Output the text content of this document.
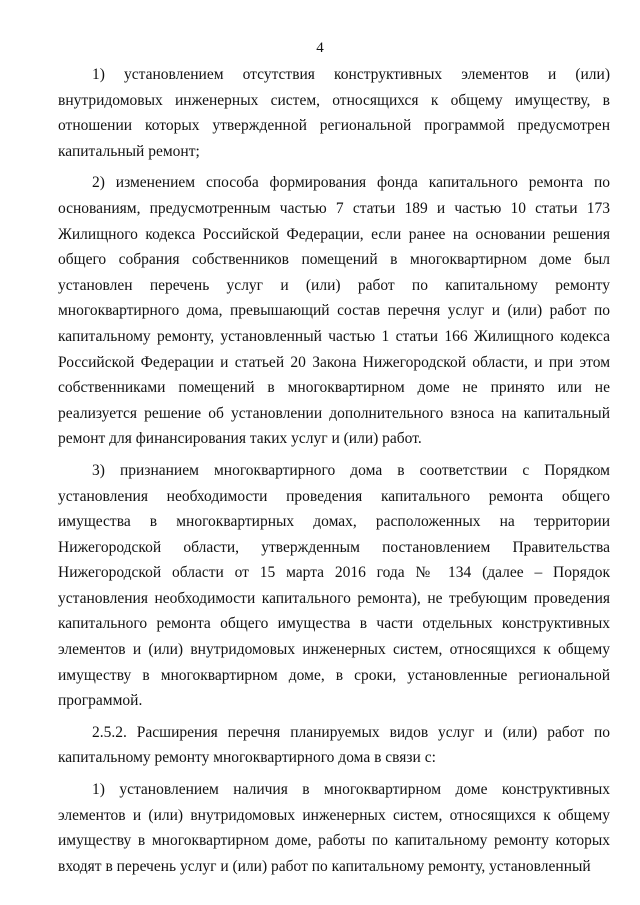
4

1) установлением отсутствия конструктивных элементов и (или) внутридомовых инженерных систем, относящихся к общему имуществу, в отношении которых утвержденной региональной программой предусмотрен капитальный ремонт;

2) изменением способа формирования фонда капитального ремонта по основаниям, предусмотренным частью 7 статьи 189 и частью 10 статьи 173 Жилищного кодекса Российской Федерации, если ранее на основании решения общего собрания собственников помещений в многоквартирном доме был установлен перечень услуг и (или) работ по капитальному ремонту многоквартирного дома, превышающий состав перечня услуг и (или) работ по капитальному ремонту, установленный частью 1 статьи 166 Жилищного кодекса Российской Федерации и статьей 20 Закона Нижегородской области, и при этом собственниками помещений в многоквартирном доме не принято или не реализуется решение об установлении дополнительного взноса на капитальный ремонт для финансирования таких услуг и (или) работ.

3) признанием многоквартирного дома в соответствии с Порядком установления необходимости проведения капитального ремонта общего имущества в многоквартирных домах, расположенных на территории Нижегородской области, утвержденным постановлением Правительства Нижегородской области от 15 марта 2016 года № 134 (далее – Порядок установления необходимости капитального ремонта), не требующим проведения капитального ремонта общего имущества в части отдельных конструктивных элементов и (или) внутридомовых инженерных систем, относящихся к общему имуществу в многоквартирном доме, в сроки, установленные региональной программой.

2.5.2. Расширения перечня планируемых видов услуг и (или) работ по капитальному ремонту многоквартирного дома в связи с:

1) установлением наличия в многоквартирном доме конструктивных элементов и (или) внутридомовых инженерных систем, относящихся к общему имуществу в многоквартирном доме, работы по капитальному ремонту которых входят в перечень услуг и (или) работ по капитальному ремонту, установленный
